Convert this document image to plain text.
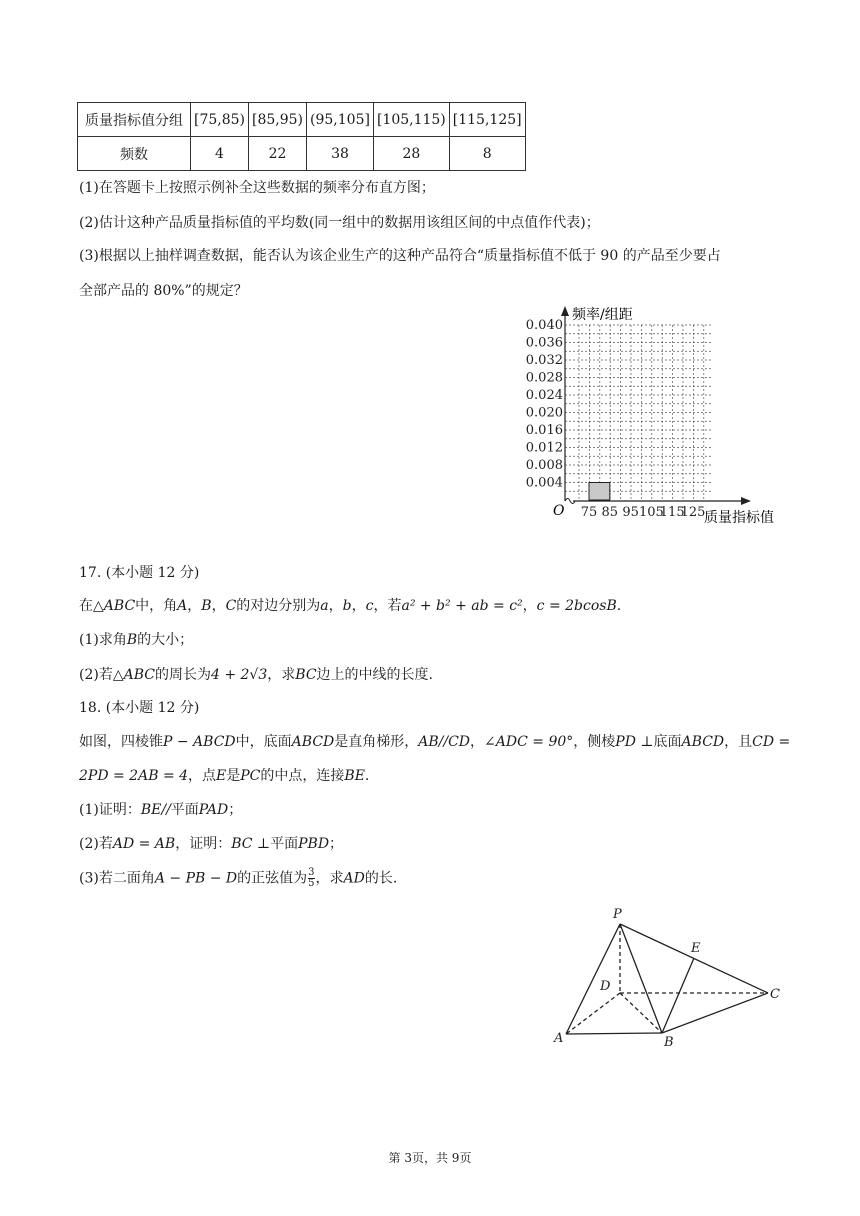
质量指标值分组	[75,85)	[85,95)	(95,105]	[105,115)	[115,125]
频数	4	22	38	28	8
(1)在答题卡上按照示例补全这些数据的频率分布直方图；
(2)估计这种产品质量指标值的平均数(同一组中的数据用该组区间的中点值作代表)；
(3)根据以上抽样调查数据，能否认为该企业生产的这种产品符合“质量指标值不低于 90 的产品至少要占
全部产品的 80%”的规定？
0.004
0.008
0.012
0.016
0.020
0.024
0.028
0.032
0.036
0.040
75 85 95 105
115
125
频率/组距
质量指标值
O
17. (本小题 12 分)
在△ABC中，角A，B，C的对边分别为a，b，c，若a² + b² + ab = c²，c = 2bcosB.
(1)求角B的大小；
(2)若△ABC的周长为4 + 2√3，求BC边上的中线的长度.
18. (本小题 12 分)
如图，四棱锥P − ABCD中，底面ABCD是直角梯形，AB//CD，∠ADC = 90°，侧棱PD ⊥底面ABCD，且CD =
2PD = 2AB = 4，点E是PC的中点，连接BE.
(1)证明：BE//平面PAD；
(2)若AD = AB，证明：BC ⊥平面PBD；
(3)若二面角A − PB − D的正弦值为 $\frac{3}{5}$ ，求AD的长.
P
E
D
C
A	B
第 3页，共 9页
